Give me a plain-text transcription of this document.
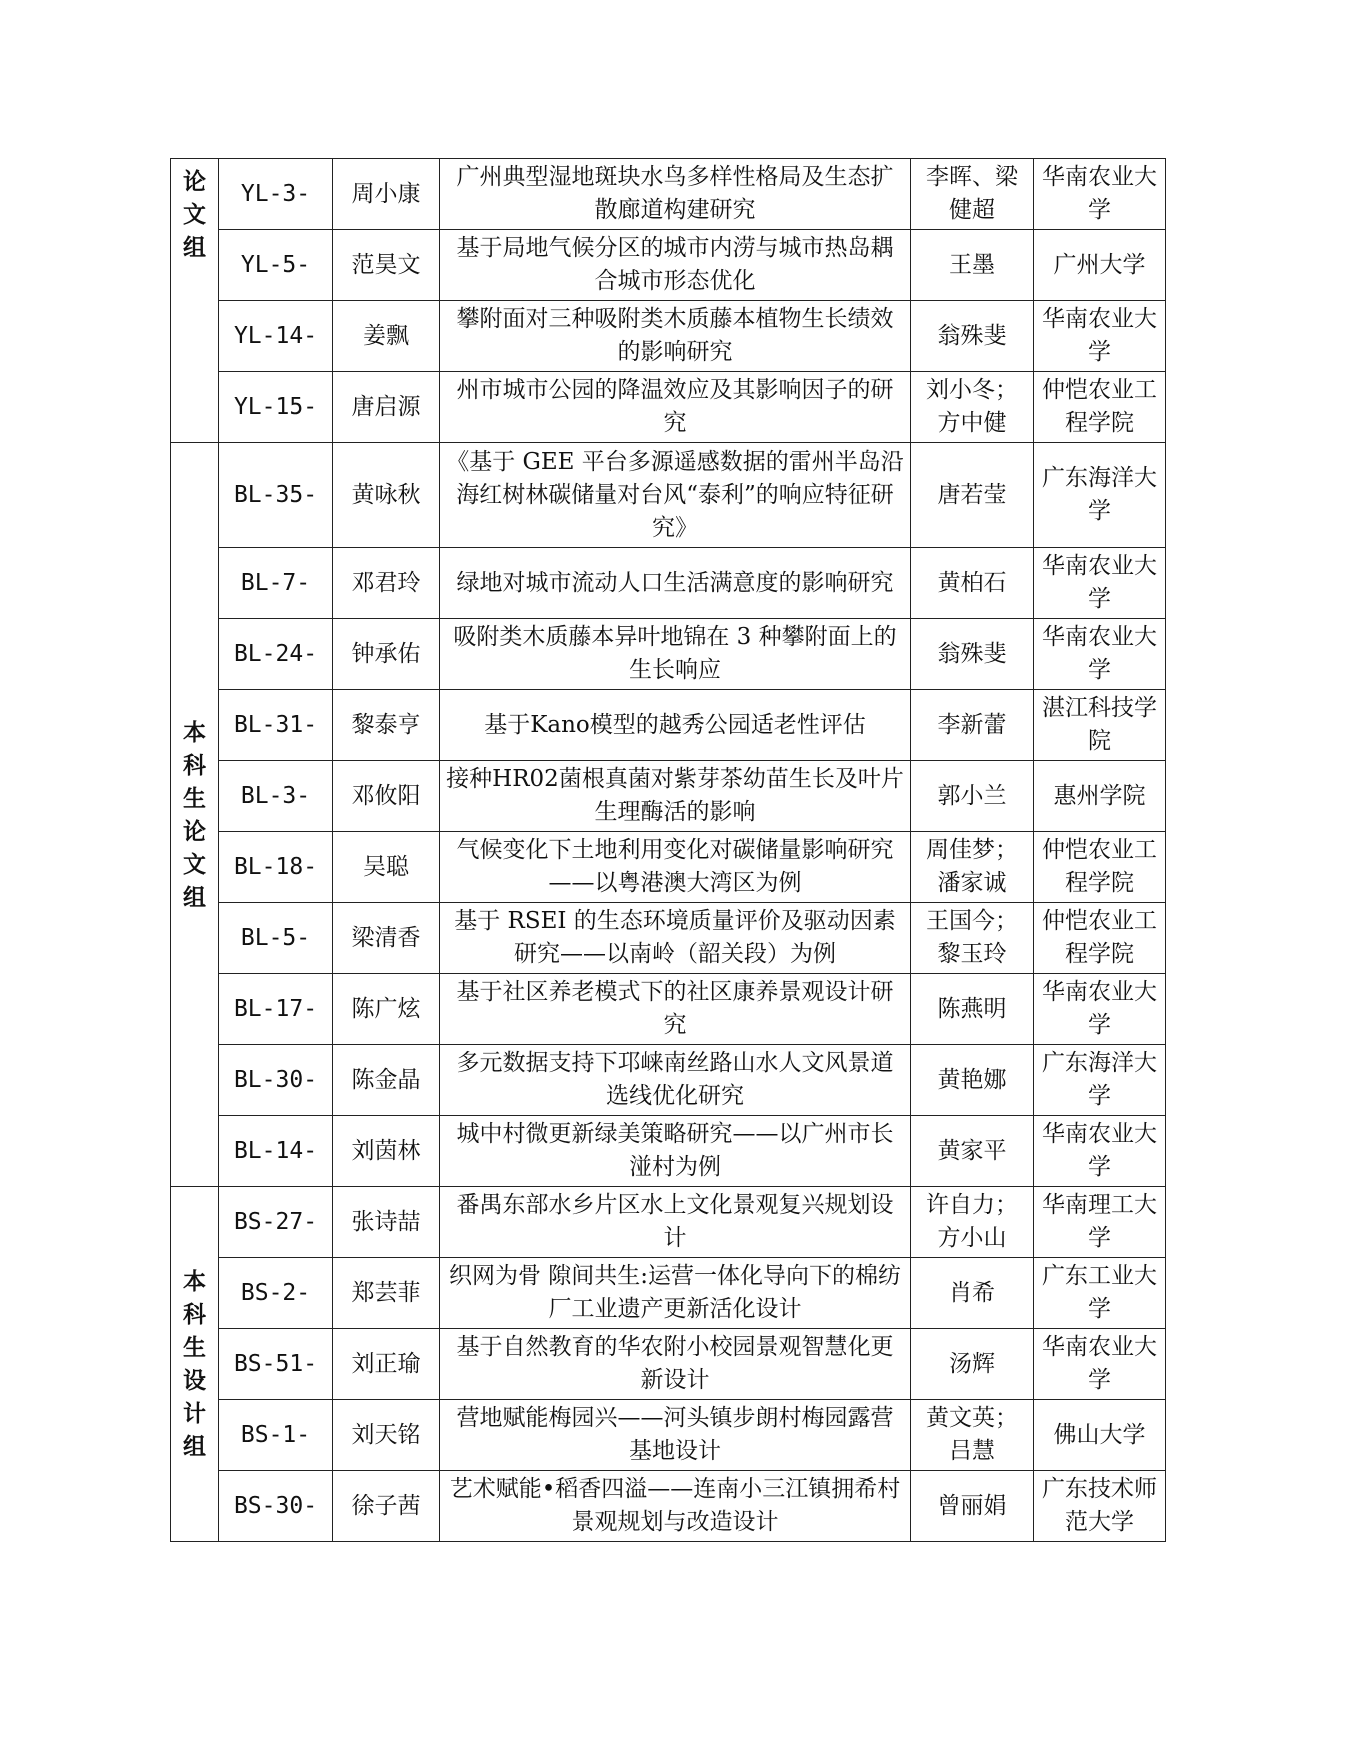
论文组	YL-3-	周小康	广州典型湿地斑块水鸟多样性格局及生态扩散廊道构建研究	李晖、梁健超	华南农业大学
	YL-5-	范昊文	基于局地气候分区的城市内涝与城市热岛耦合城市形态优化	王墨	广州大学
	YL-14-	姜飘	攀附面对三种吸附类木质藤本植物生长绩效的影响研究	翁殊斐	华南农业大学
	YL-15-	唐启源	州市城市公园的降温效应及其影响因子的研究	刘小冬；方中健	仲恺农业工程学院
本科生论文组	BL-35-	黄咏秋	《基于 GEE 平台多源遥感数据的雷州半岛沿海红树林碳储量对台风“泰利”的响应特征研究》	唐若莹	广东海洋大学
	BL-7-	邓君玲	绿地对城市流动人口生活满意度的影响研究	黄柏石	华南农业大学
	BL-24-	钟承佑	吸附类木质藤本异叶地锦在 3 种攀附面上的生长响应	翁殊斐	华南农业大学
	BL-31-	黎泰亨	基于Kano模型的越秀公园适老性评估	李新蕾	湛江科技学院
	BL-3-	邓攸阳	接种HR02菌根真菌对紫芽茶幼苗生长及叶片生理酶活的影响	郭小兰	惠州学院
	BL-18-	吴聪	气候变化下土地利用变化对碳储量影响研究——以粤港澳大湾区为例	周佳梦；潘家诚	仲恺农业工程学院
	BL-5-	梁清香	基于 RSEI 的生态环境质量评价及驱动因素研究——以南岭（韶关段）为例	王国今；黎玉玲	仲恺农业工程学院
	BL-17-	陈广炫	基于社区养老模式下的社区康养景观设计研究	陈燕明	华南农业大学
	BL-30-	陈金晶	多元数据支持下邛崃南丝路山水人文风景道选线优化研究	黄艳娜	广东海洋大学
	BL-14-	刘茵林	城中村微更新绿美策略研究——以广州市长湴村为例	黄家平	华南农业大学
本科生设计组	BS-27-	张诗喆	番禺东部水乡片区水上文化景观复兴规划设计	许自力；方小山	华南理工大学
	BS-2-	郑芸菲	织网为骨 隙间共生:运营一体化导向下的棉纺厂工业遗产更新活化设计	肖希	广东工业大学
	BS-51-	刘正瑜	基于自然教育的华农附小校园景观智慧化更新设计	汤辉	华南农业大学
	BS-1-	刘天铭	营地赋能梅园兴——河头镇步朗村梅园露营基地设计	黄文英；吕慧	佛山大学
	BS-30-	徐子茜	艺术赋能•稻香四溢——连南小三江镇拥希村景观规划与改造设计	曾丽娟	广东技术师范大学
